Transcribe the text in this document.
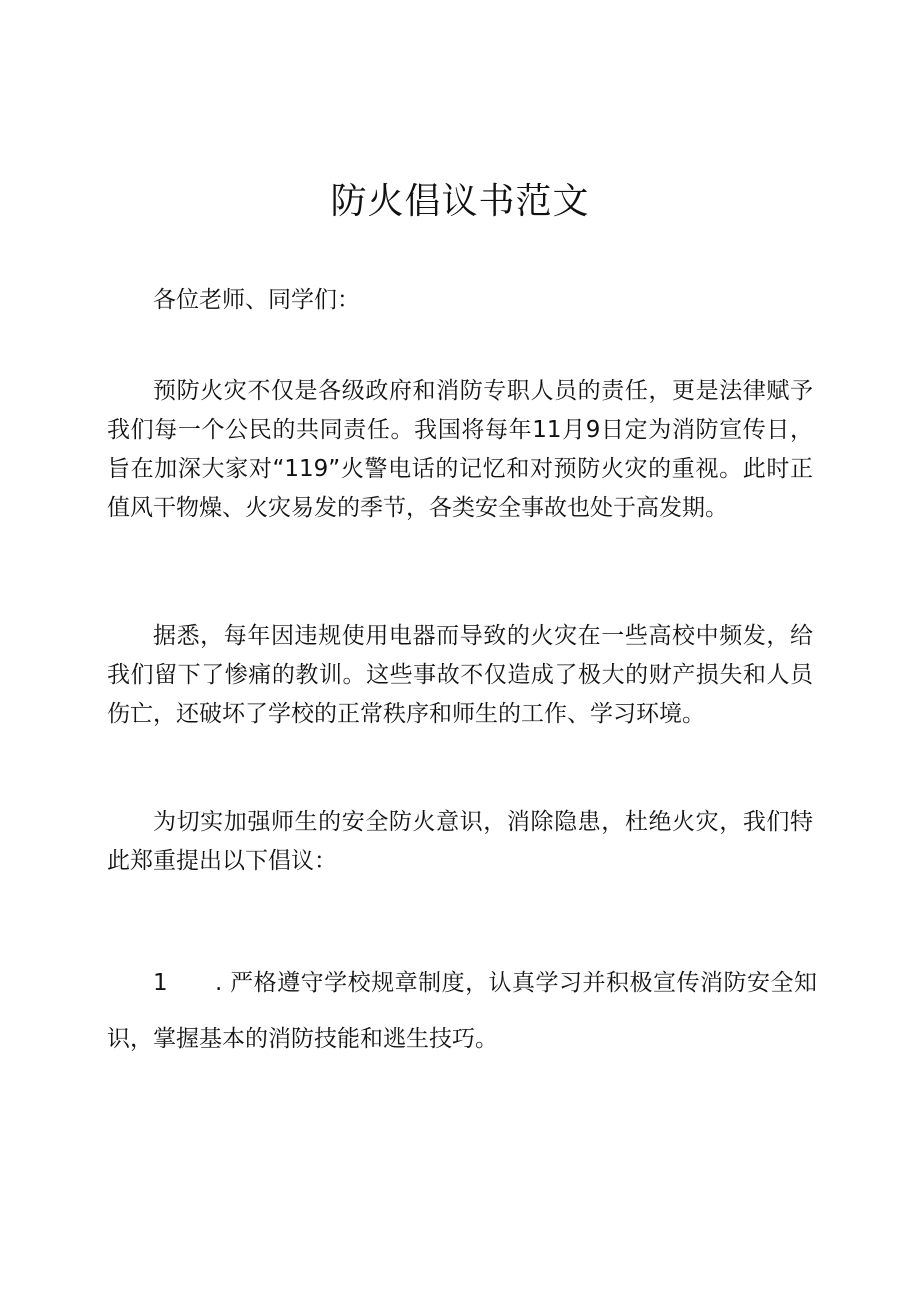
防火倡议书范文

各位老师、同学们：

预防火灾不仅是各级政府和消防专职人员的责任，更是法律赋予我们每一个公民的共同责任。我国将每年11月9日定为消防宣传日，旨在加深大家对“119”火警电话的记忆和对预防火灾的重视。此时正值风干物燥、火灾易发的季节，各类安全事故也处于高发期。

据悉，每年因违规使用电器而导致的火灾在一些高校中频发，给我们留下了惨痛的教训。这些事故不仅造成了极大的财产损失和人员伤亡，还破坏了学校的正常秩序和师生的工作、学习环境。

为切实加强师生的安全防火意识，消除隐患，杜绝火灾，我们特此郑重提出以下倡议：

1 . 严格遵守学校规章制度，认真学习并积极宣传消防安全知识，掌握基本的消防技能和逃生技巧。
